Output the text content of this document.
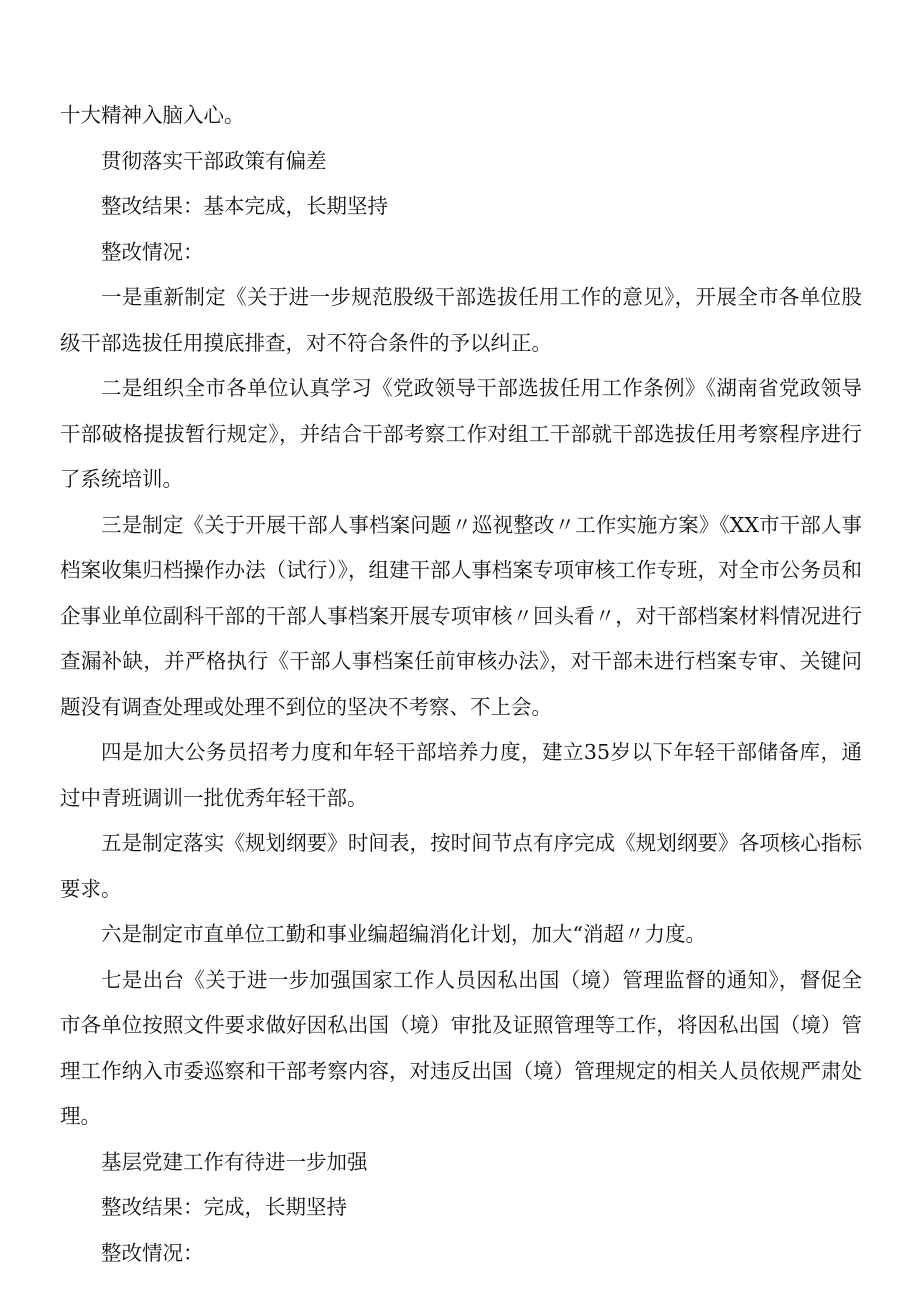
十大精神入脑入心。

贯彻落实干部政策有偏差

整改结果：基本完成，长期坚持

整改情况：

一是重新制定《关于进一步规范股级干部选拔任用工作的意见》，开展全市各单位股级干部选拔任用摸底排查，对不符合条件的予以纠正。

二是组织全市各单位认真学习《党政领导干部选拔任用工作条例》《湖南省党政领导干部破格提拔暂行规定》，并结合干部考察工作对组工干部就干部选拔任用考察程序进行了系统培训。

三是制定《关于开展干部人事档案问题〃巡视整改〃工作实施方案》《XX市干部人事档案收集归档操作办法（试行）》，组建干部人事档案专项审核工作专班，对全市公务员和企事业单位副科干部的干部人事档案开展专项审核〃回头看〃，对干部档案材料情况进行查漏补缺，并严格执行《干部人事档案任前审核办法》，对干部未进行档案专审、关键问题没有调查处理或处理不到位的坚决不考察、不上会。

四是加大公务员招考力度和年轻干部培养力度，建立35岁以下年轻干部储备库，通过中青班调训一批优秀年轻干部。

五是制定落实《规划纲要》时间表，按时间节点有序完成《规划纲要》各项核心指标要求。

六是制定市直单位工勤和事业编超编消化计划，加大“消超〃力度。

七是出台《关于进一步加强国家工作人员因私出国（境）管理监督的通知》，督促全市各单位按照文件要求做好因私出国（境）审批及证照管理等工作，将因私出国（境）管理工作纳入市委巡察和干部考察内容，对违反出国（境）管理规定的相关人员依规严肃处理。

基层党建工作有待进一步加强

整改结果：完成，长期坚持

整改情况：
